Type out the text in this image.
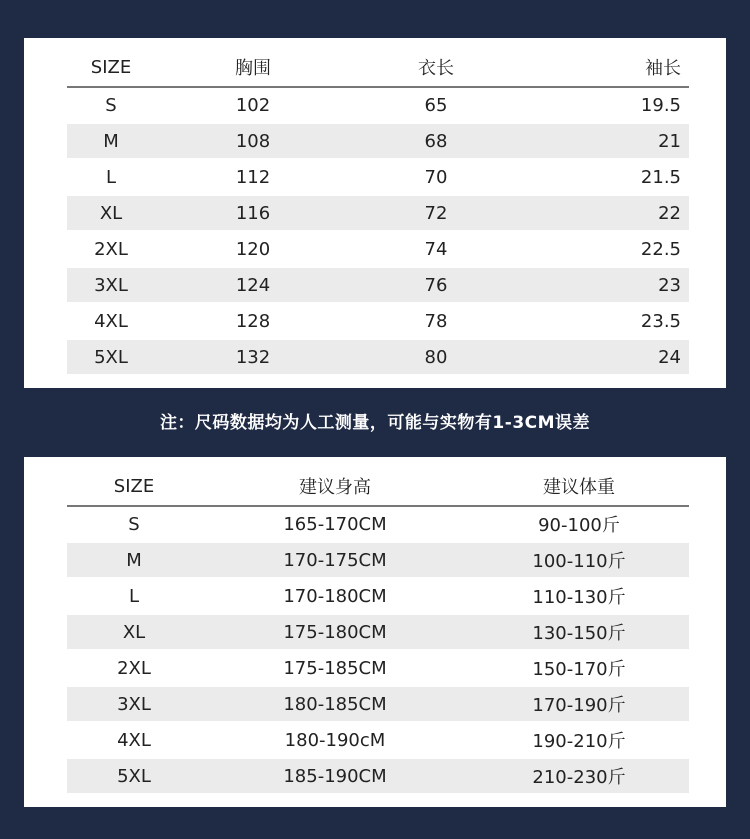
SIZE	胸围	衣长	袖长
S	102	65	19.5
M	108	68	21
L	112	70	21.5
XL	116	72	22
2XL	120	74	22.5
3XL	124	76	23
4XL	128	78	23.5
5XL	132	80	24
注：尺码数据均为人工测量，可能与实物有1-3CM误差
SIZE	建议身高	建议体重
S	165-170CM	90-100斤
M	170-175CM	100-110斤
L	170-180CM	110-130斤
XL	175-180CM	130-150斤
2XL	175-185CM	150-170斤
3XL	180-185CM	170-190斤
4XL	180-190cM	190-210斤
5XL	185-190CM	210-230斤
